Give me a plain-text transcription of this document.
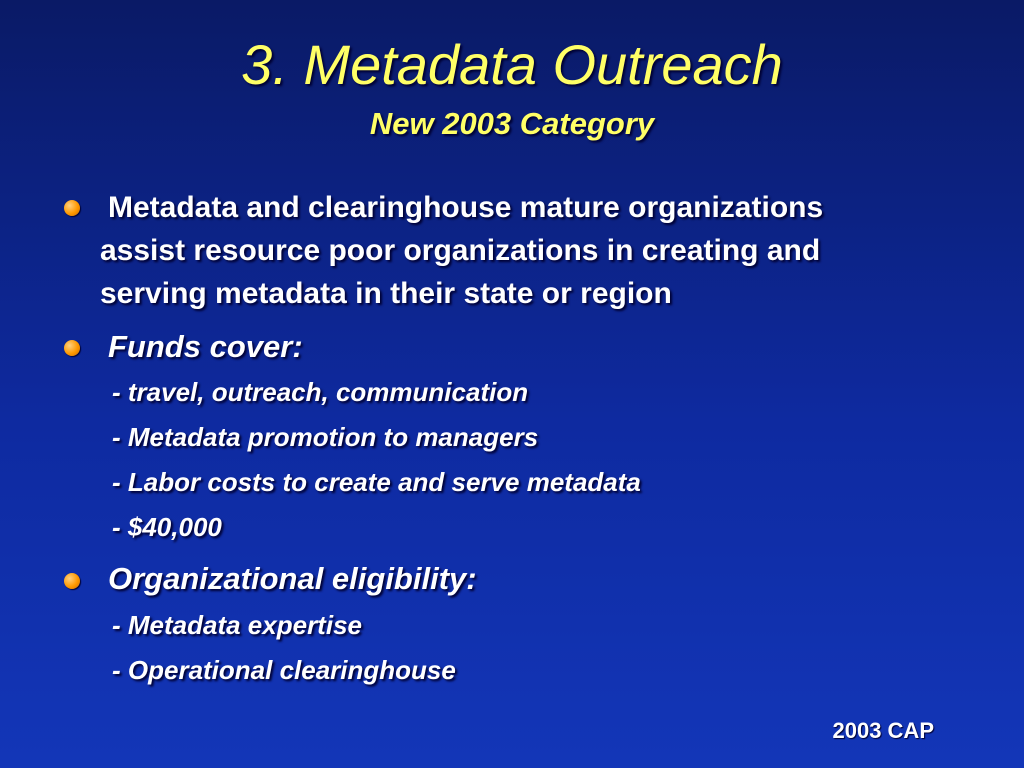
3. Metadata Outreach
New 2003 Category
Metadata and clearinghouse mature organizations
assist resource poor organizations in creating and
serving metadata in their state or region
Funds cover:
- travel, outreach, communication
- Metadata promotion to managers
- Labor costs to create and serve metadata
- $40,000
Organizational eligibility:
- Metadata expertise
- Operational clearinghouse
2003 CAP
